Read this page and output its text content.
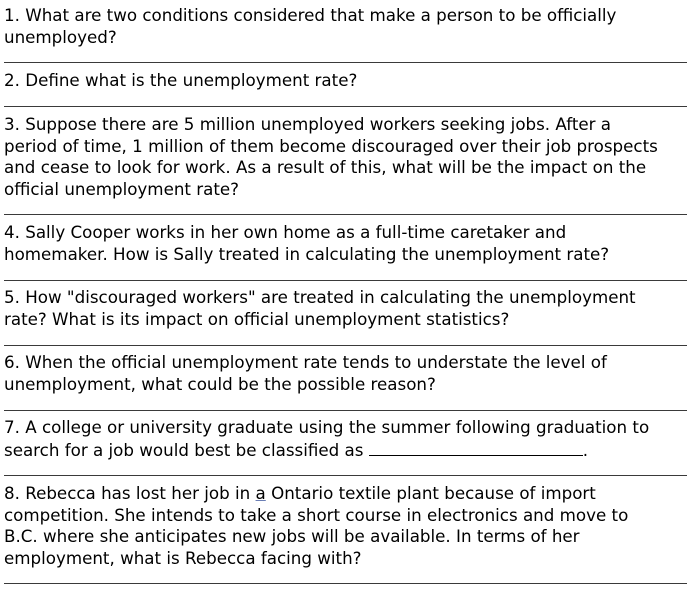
1. What are two conditions considered that make a person to be officially
unemployed?
2. Define what is the unemployment rate?
3. Suppose there are 5 million unemployed workers seeking jobs. After a
period of time, 1 million of them become discouraged over their job prospects
and cease to look for work. As a result of this, what will be the impact on the
official unemployment rate?
4. Sally Cooper works in her own home as a full-time caretaker and
homemaker. How is Sally treated in calculating the unemployment rate?
5. How "discouraged workers" are treated in calculating the unemployment
rate? What is its impact on official unemployment statistics?
6. When the official unemployment rate tends to understate the level of
unemployment, what could be the possible reason?
7. A college or university graduate using the summer following graduation to
search for a job would best be classified as	.
8. Rebecca has lost her job in a Ontario textile plant because of import
competition. She intends to take a short course in electronics and move to
B.C. where she anticipates new jobs will be available. In terms of her
employment, what is Rebecca facing with?
